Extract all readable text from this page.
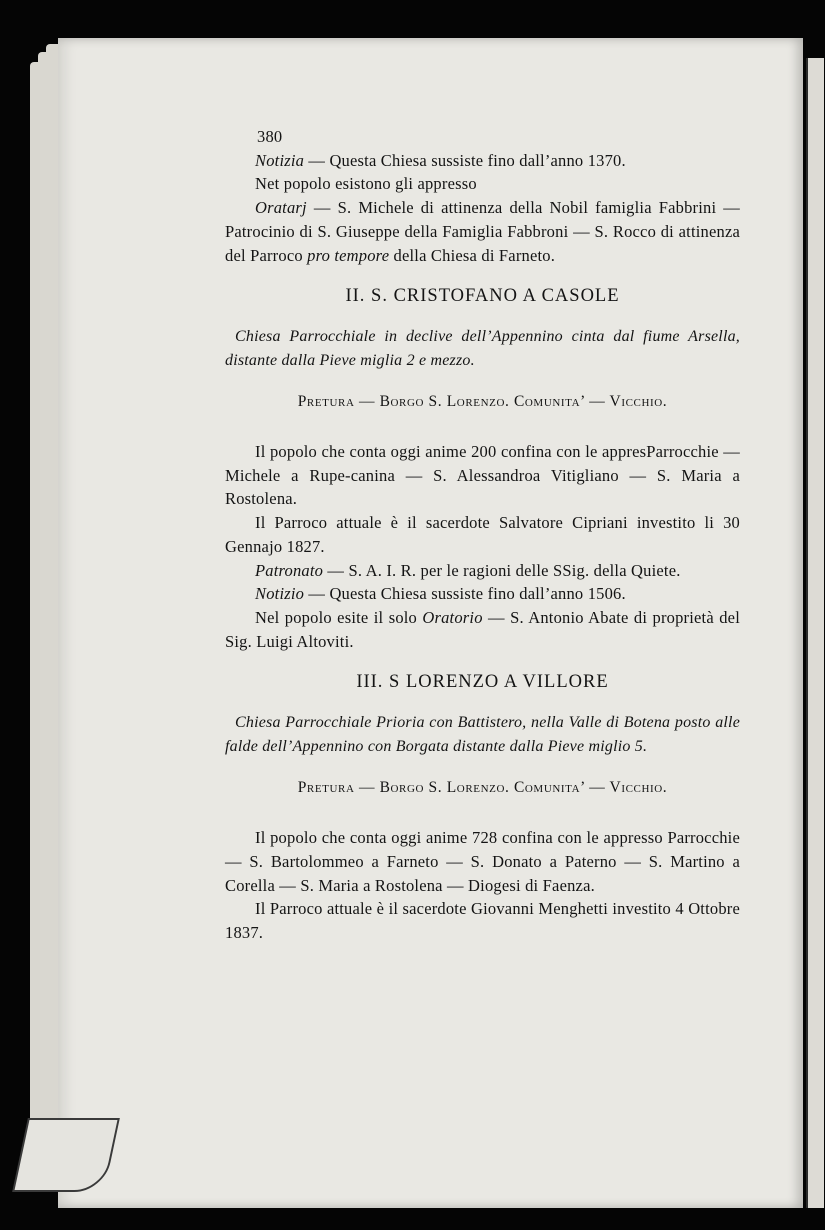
380

Notizia — Questa Chiesa sussiste fino dall’anno 1370.

Net popolo esistono gli appresso

Oratarj — S. Michele di attinenza della Nobil famiglia Fabbrini — Patrocinio di S. Giuseppe della Famiglia Fabbroni — S. Rocco di attinenza del Parroco pro tempore della Chiesa di Farneto.

II. S. CRISTOFANO A CASOLE

Chiesa Parrocchiale in declive dell’Appennino cinta dal fiume Arsella, distante dalla Pieve miglia 2 e mezzo.

Pretura — Borgo S. Lorenzo. Comunita’ — Vicchio.

Il popolo che conta oggi anime 200 confina con le appresParrocchie — Michele a Rupe-canina — S. Alessandroa Vitigliano — S. Maria a Rostolena.

Il Parroco attuale è il sacerdote Salvatore Cipriani investito li 30 Gennajo 1827.

Patronato — S. A. I. R. per le ragioni delle SSig. della Quiete.

Notizio — Questa Chiesa sussiste fino dall’anno 1506.

Nel popolo esite il solo Oratorio — S. Antonio Abate di proprietà del Sig. Luigi Altoviti.

III. S LORENZO A VILLORE

Chiesa Parrocchiale Prioria con Battistero, nella Valle di Botena posto alle falde dell’Appennino con Borgata distante dalla Pieve miglio 5.

Pretura — Borgo S. Lorenzo. Comunita’ — Vicchio.

Il popolo che conta oggi anime 728 confina con le appresso Parrocchie — S. Bartolommeo a Farneto — S. Donato a Paterno — S. Martino a Corella — S. Maria a Rostolena — Diogesi di Faenza.

Il Parroco attuale è il sacerdote Giovanni Menghetti investito 4 Ottobre 1837.
